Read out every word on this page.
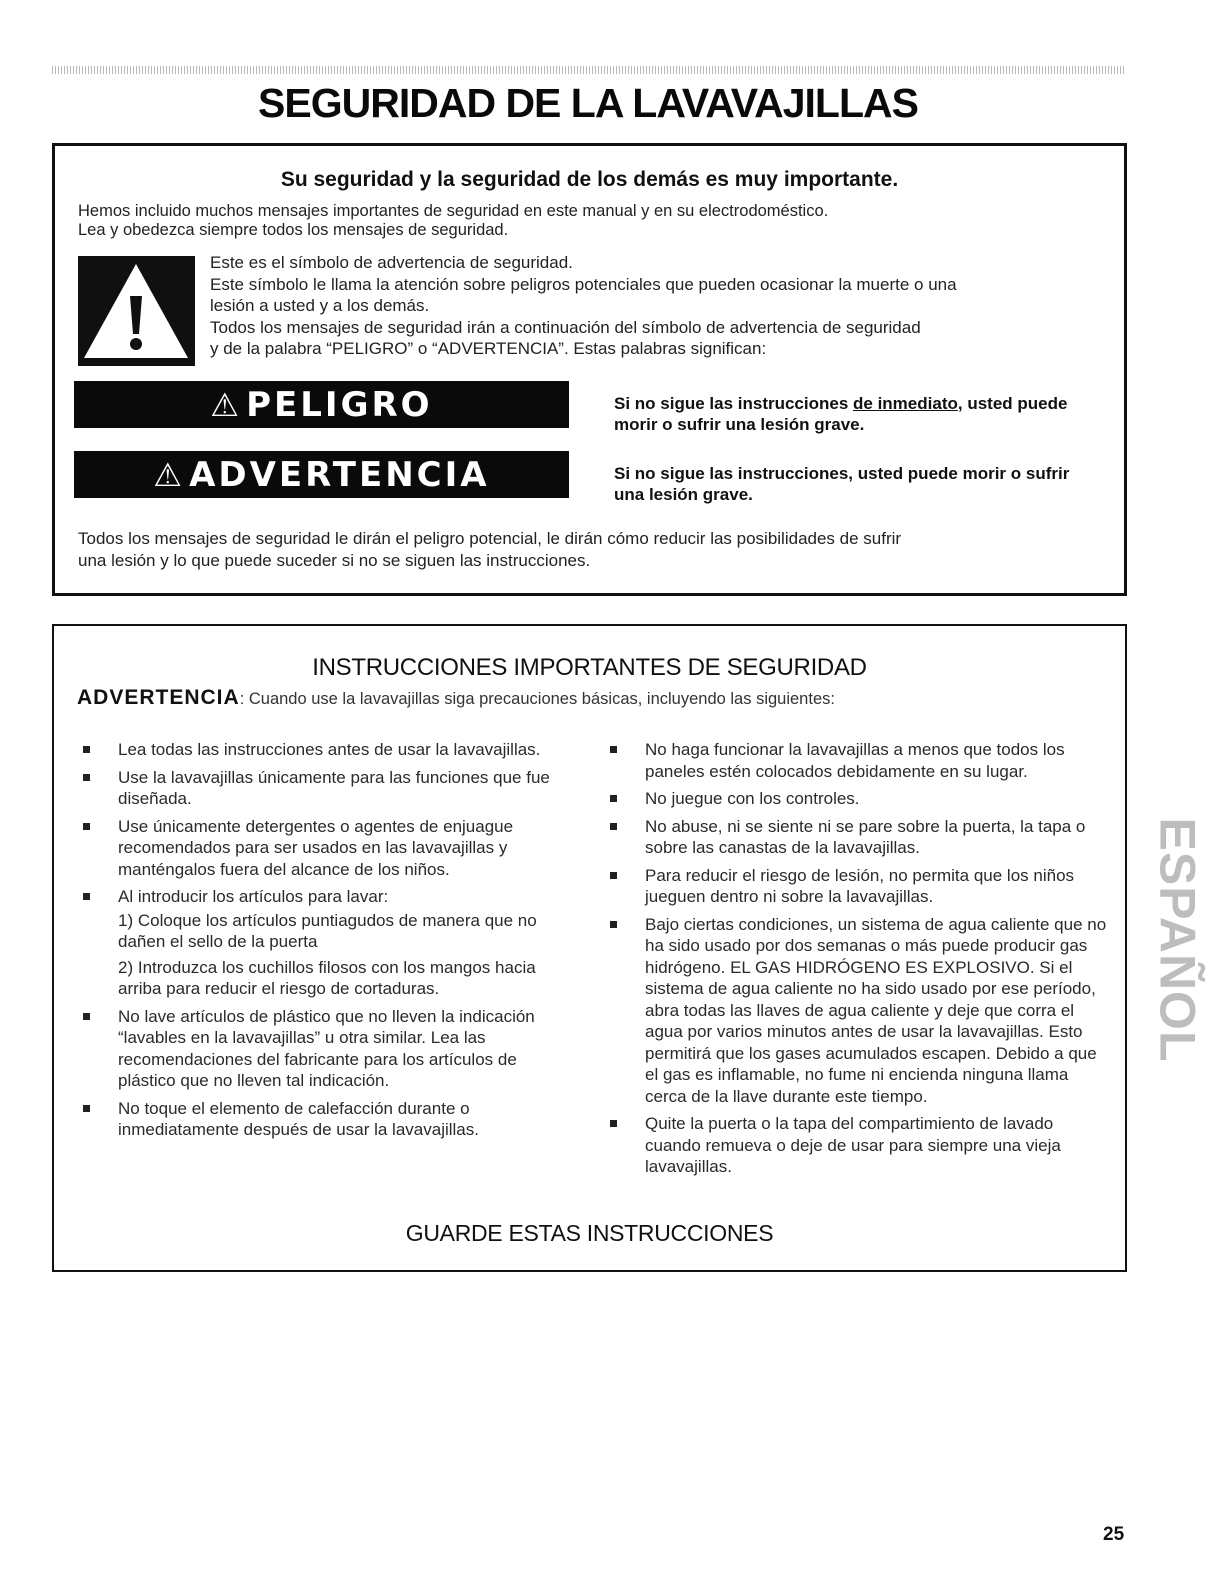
SEGURIDAD DE LA LAVAVAJILLAS
Su seguridad y la seguridad de los demás es muy importante.
Hemos incluido muchos mensajes importantes de seguridad en este manual y en su electrodoméstico.
Lea y obedezca siempre todos los mensajes de seguridad.
Este es el símbolo de advertencia de seguridad.
Este símbolo le llama la atención sobre peligros potenciales que pueden ocasionar la muerte o una
lesión a usted y a los demás.
Todos los mensajes de seguridad irán a continuación del símbolo de advertencia de seguridad
y de la palabra “PELIGRO” o “ADVERTENCIA”. Estas palabras significan:
⚠ PELIGRO	Si no sigue las instrucciones de inmediato, usted puede morir o sufrir una lesión grave.
⚠ ADVERTENCIA	Si no sigue las instrucciones, usted puede morir o sufrir una lesión grave.
Todos los mensajes de seguridad le dirán el peligro potencial, le dirán cómo reducir las posibilidades de sufrir
una lesión y lo que puede suceder si no se siguen las instrucciones.
INSTRUCCIONES IMPORTANTES DE SEGURIDAD
ADVERTENCIA: Cuando use la lavavajillas siga precauciones básicas, incluyendo las siguientes:
Lea todas las instrucciones antes de usar la lavavajillas.
Use la lavavajillas únicamente para las funciones que fue diseñada.
Use únicamente detergentes o agentes de enjuague recomendados para ser usados en las lavavajillas y manténgalos fuera del alcance de los niños.
Al introducir los artículos para lavar:
1) Coloque los artículos puntiagudos de manera que no dañen el sello de la puerta
2) Introduzca los cuchillos filosos con los mangos hacia arriba para reducir el riesgo de cortaduras.
No lave artículos de plástico que no lleven la indicación “lavables en la lavavajillas” u otra similar. Lea las recomendaciones del fabricante para los artículos de plástico que no lleven tal indicación.
No toque el elemento de calefacción durante o inmediatamente después de usar la lavavajillas.
No haga funcionar la lavavajillas a menos que todos los paneles estén colocados debidamente en su lugar.
No juegue con los controles.
No abuse, ni se siente ni se pare sobre la puerta, la tapa o sobre las canastas de la lavavajillas.
Para reducir el riesgo de lesión, no permita que los niños jueguen dentro ni sobre la lavavajillas.
Bajo ciertas condiciones, un sistema de agua caliente que no ha sido usado por dos semanas o más puede producir gas hidrógeno. EL GAS HIDRÓGENO ES EXPLOSIVO. Si el sistema de agua caliente no ha sido usado por ese período, abra todas las llaves de agua caliente y deje que corra el agua por varios minutos antes de usar la lavavajillas. Esto permitirá que los gases acumulados escapen. Debido a que el gas es inflamable, no fume ni encienda ninguna llama cerca de la llave durante este tiempo.
Quite la puerta o la tapa del compartimiento de lavado cuando remueva o deje de usar para siempre una vieja lavavajillas.
GUARDE ESTAS INSTRUCCIONES
ESPAÑOL
25
